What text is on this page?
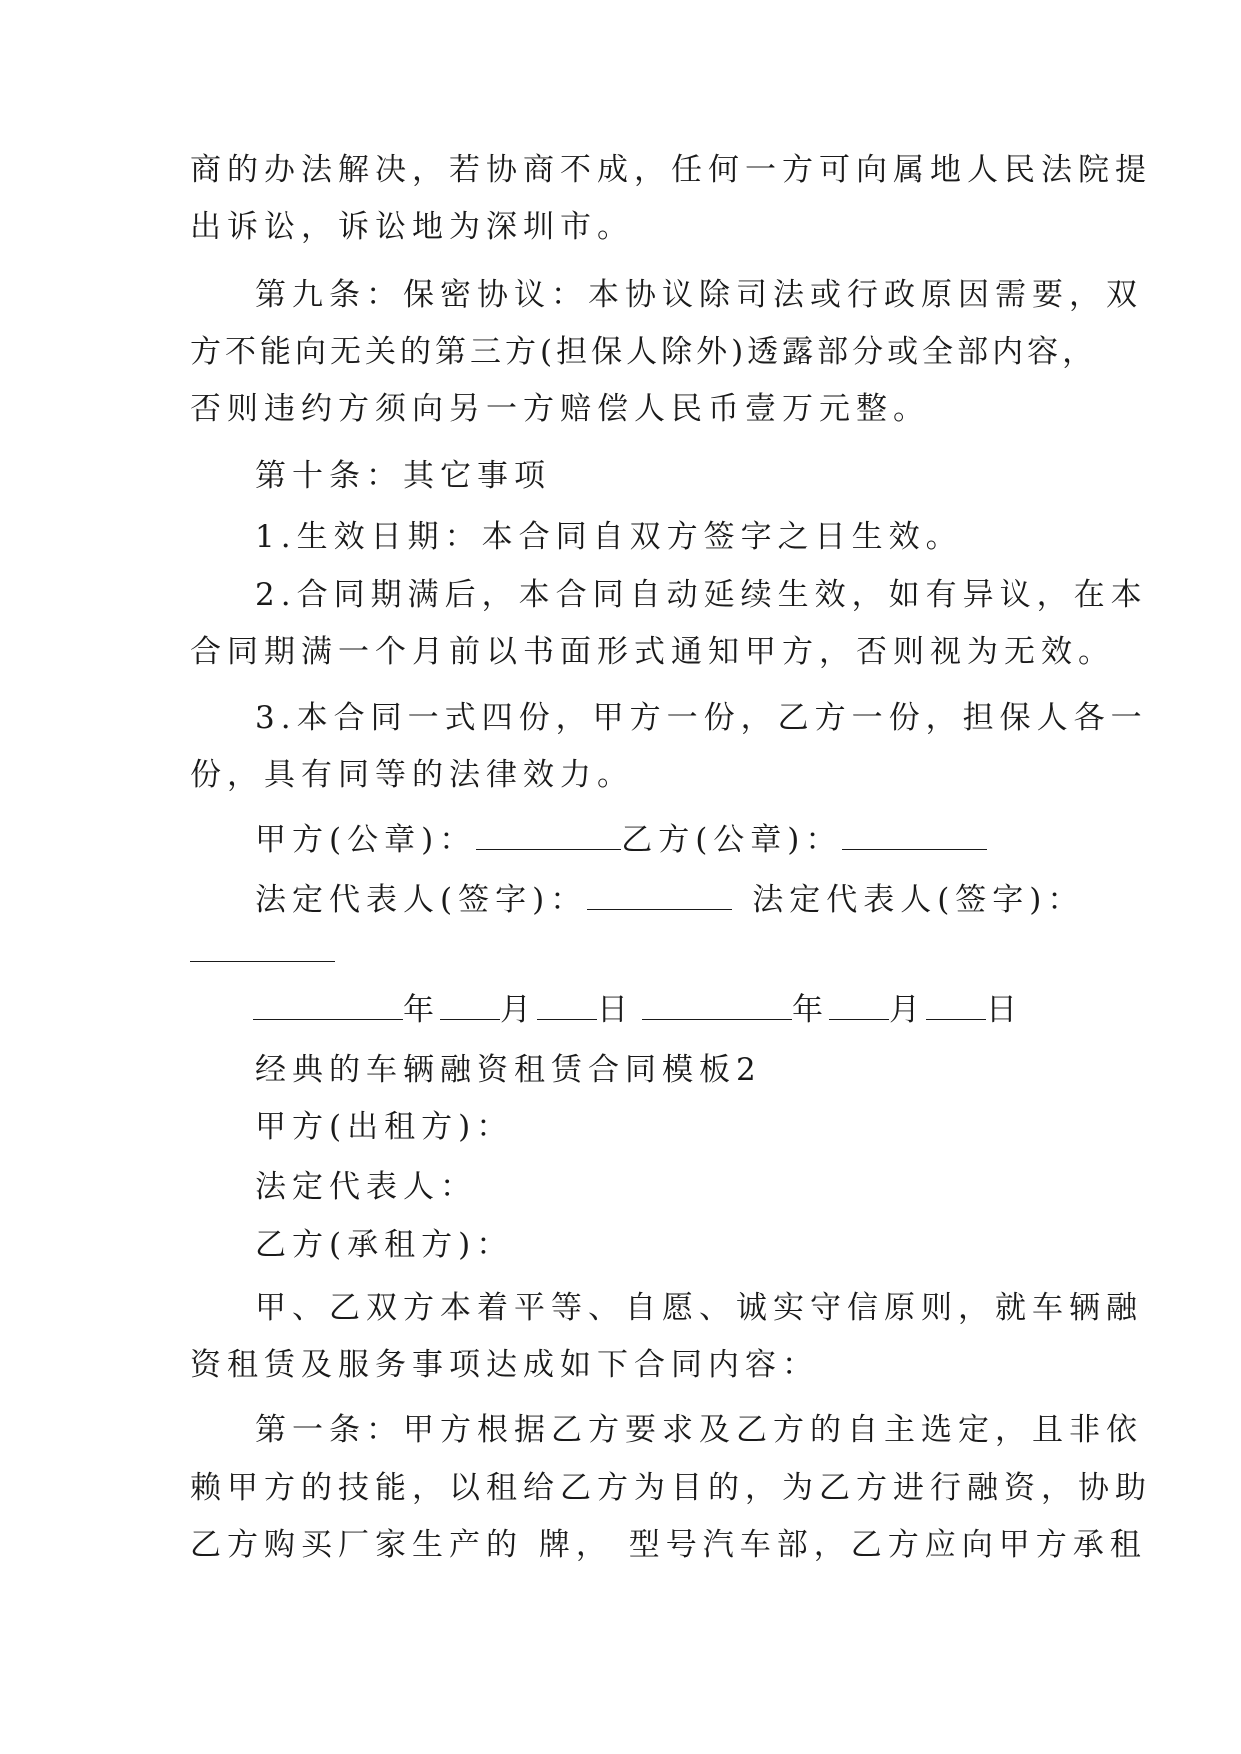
商的办法解决，若协商不成，任何一方可向属地人民法院提
出诉讼，诉讼地为深圳市。
第九条：保密协议：本协议除司法或行政原因需要，双
方不能向无关的第三方(担保人除外)透露部分或全部内容，
否则违约方须向另一方赔偿人民币壹万元整。
第十条：其它事项
1.生效日期：本合同自双方签字之日生效。
2.合同期满后，本合同自动延续生效，如有异议，在本
合同期满一个月前以书面形式通知甲方，否则视为无效。
3.本合同一式四份，甲方一份，乙方一份，担保人各一
份，具有同等的法律效力。
甲方(公章)：	乙方(公章)：
法定代表人(签字)：	法定代表人(签字)：
年 月 日	年 月 日
经典的车辆融资租赁合同模板2
甲方(出租方)：
法定代表人：
乙方(承租方)：
甲、乙双方本着平等、自愿、诚实守信原则，就车辆融
资租赁及服务事项达成如下合同内容：
第一条：甲方根据乙方要求及乙方的自主选定，且非依
赖甲方的技能，以租给乙方为目的，为乙方进行融资，协助
乙方购买厂家生产的 牌， 型号汽车部，乙方应向甲方承租
